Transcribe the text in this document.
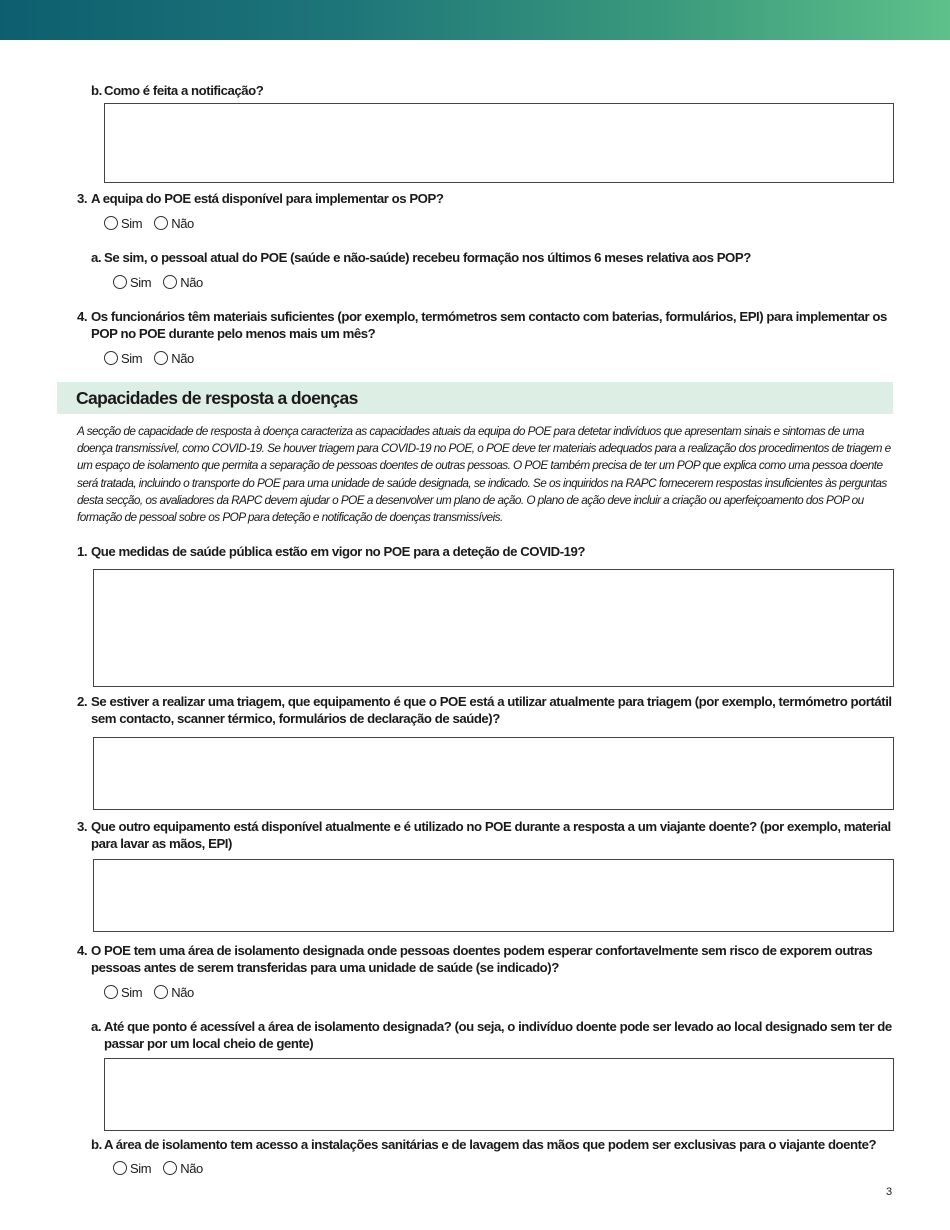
b. Como é feita a notificação?
3. A equipa do POE está disponível para implementar os POP?
Sim Não
a. Se sim, o pessoal atual do POE (saúde e não-saúde) recebeu formação nos últimos 6 meses relativa aos POP?
Sim Não
4. Os funcionários têm materiais suficientes (por exemplo, termómetros sem contacto com baterias, formulários, EPI) para implementar os POP no POE durante pelo menos mais um mês?
Sim Não
Capacidades de resposta a doenças
A secção de capacidade de resposta à doença caracteriza as capacidades atuais da equipa do POE para detetar indivíduos que apresentam sinais e sintomas de uma doença transmissível, como COVID-19. Se houver triagem para COVID-19 no POE, o POE deve ter materiais adequados para a realização dos procedimentos de triagem e um espaço de isolamento que permita a separação de pessoas doentes de outras pessoas. O POE também precisa de ter um POP que explica como uma pessoa doente será tratada, incluindo o transporte do POE para uma unidade de saúde designada, se indicado. Se os inquiridos na RAPC fornecerem respostas insuficientes às perguntas desta secção, os avaliadores da RAPC devem ajudar o POE a desenvolver um plano de ação. O plano de ação deve incluir a criação ou aperfeiçoamento dos POP ou formação de pessoal sobre os POP para deteção e notificação de doenças transmissíveis.
1. Que medidas de saúde pública estão em vigor no POE para a deteção de COVID-19?
2. Se estiver a realizar uma triagem, que equipamento é que o POE está a utilizar atualmente para triagem (por exemplo, termómetro portátil sem contacto, scanner térmico, formulários de declaração de saúde)?
3. Que outro equipamento está disponível atualmente e é utilizado no POE durante a resposta a um viajante doente? (por exemplo, material para lavar as mãos, EPI)
4. O POE tem uma área de isolamento designada onde pessoas doentes podem esperar confortavelmente sem risco de exporem outras pessoas antes de serem transferidas para uma unidade de saúde (se indicado)?
Sim Não
a. Até que ponto é acessível a área de isolamento designada? (ou seja, o indivíduo doente pode ser levado ao local designado sem ter de passar por um local cheio de gente)
b. A área de isolamento tem acesso a instalações sanitárias e de lavagem das mãos que podem ser exclusivas para o viajante doente?
Sim Não
3
